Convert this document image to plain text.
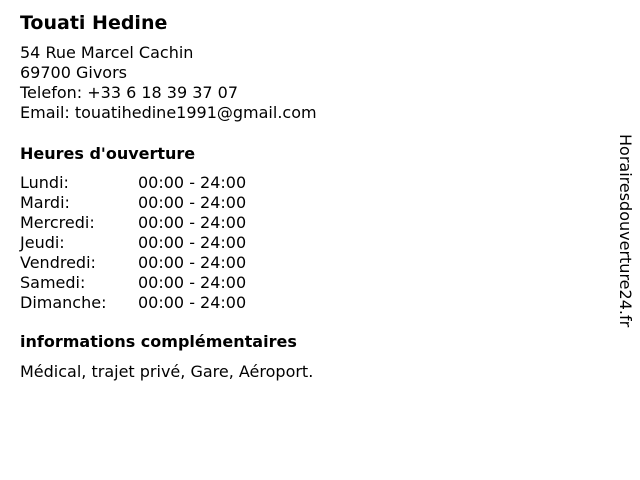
Touati Hedine
54 Rue Marcel Cachin
69700 Givors
Telefon: +33 6 18 39 37 07
Email: touatihedine1991@gmail.com
Heures d'ouverture
Lundi:	00:00 - 24:00
Mardi:	00:00 - 24:00
Mercredi:	00:00 - 24:00
Jeudi:	00:00 - 24:00
Vendredi:	00:00 - 24:00
Samedi:	00:00 - 24:00
Dimanche:	00:00 - 24:00
informations complémentaires
Médical, trajet privé, Gare, Aéroport.
Horairesdouverture24.fr
